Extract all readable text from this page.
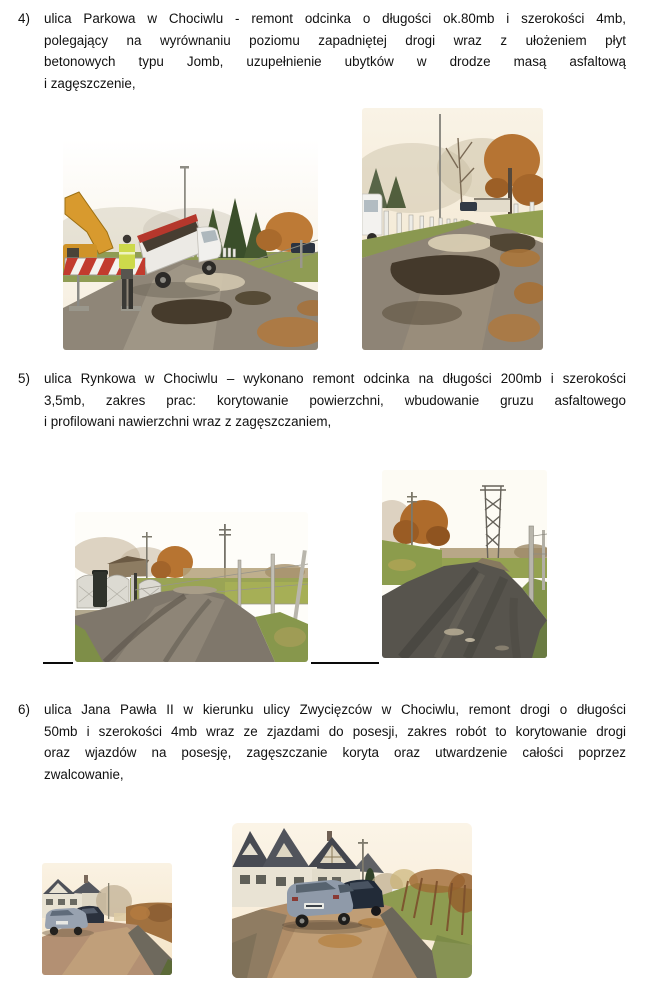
4) ulica Parkowa w Chociwlu - remont odcinka o długości ok.80mb i szerokości 4mb,
polegający na wyrównaniu poziomu zapadniętej drogi wraz z ułożeniem płyt
betonowych typu Jomb, uzupełnienie ubytków w drodze masą asfaltową
i zagęszczenie,
5) ulica Rynkowa w Chociwlu – wykonano remont odcinka na długości 200mb i szerokości
3,5mb, zakres prac: korytowanie powierzchni, wbudowanie gruzu asfaltowego
i profilowani nawierzchni wraz z zagęszczaniem,
6) ulica Jana Pawła II w kierunku ulicy Zwycięzców w Chociwlu, remont drogi o długości
50mb i szerokości 4mb wraz ze zjazdami do posesji, zakres robót to korytowanie drogi
oraz wjazdów na posesję, zagęszczanie koryta oraz utwardzenie całości poprzez
zwalcowanie,
